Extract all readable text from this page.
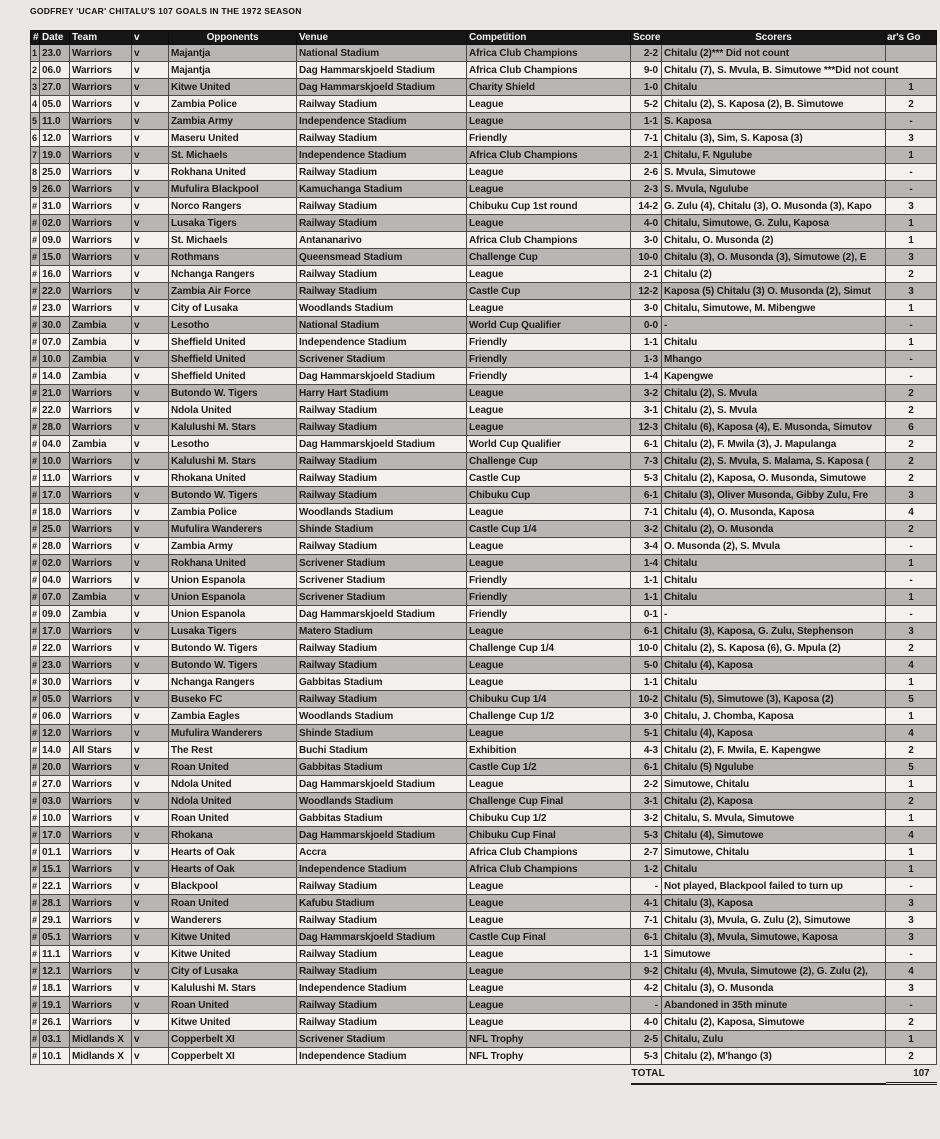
GODFREY 'UCAR' CHITALU'S 107 GOALS IN THE 1972 SEASON
#	Date	Team	v	Opponents	Venue	Competition	Score	Scorers	ar's Go
1	23.0	Warriors	v	Majantja	National Stadium	Africa Club Champions	2-2	Chitalu (2)*** Did not count	
2	06.0	Warriors	v	Majantja	Dag Hammarskjoeld Stadium	Africa Club Champions	9-0	Chitalu (7), S. Mvula, B. Simutowe ***Did not count	
3	27.0	Warriors	v	Kitwe United	Dag Hammarskjoeld Stadium	Charity Shield	1-0	Chitalu	1
4	05.0	Warriors	v	Zambia Police	Railway Stadium	League	5-2	Chitalu (2), S. Kaposa (2), B. Simutowe	2
5	11.0	Warriors	v	Zambia Army	Independence Stadium	League	1-1	S. Kaposa	-
6	12.0	Warriors	v	Maseru United	Railway Stadium	Friendly	7-1	Chitalu (3), Sim, S. Kaposa (3)	3
7	19.0	Warriors	v	St. Michaels	Independence Stadium	Africa Club Champions	2-1	Chitalu, F. Ngulube	1
8	25.0	Warriors	v	Rokhana United	Railway Stadium	League	2-6	S. Mvula, Simutowe	-
9	26.0	Warriors	v	Mufulira Blackpool	Kamuchanga Stadium	League	2-3	S. Mvula, Ngulube	-
#	31.0	Warriors	v	Norco Rangers	Railway Stadium	Chibuku Cup 1st round	14-2	G. Zulu (4), Chitalu (3), O. Musonda (3), Kapo	3
#	02.0	Warriors	v	Lusaka Tigers	Railway Stadium	League	4-0	Chitalu, Simutowe, G. Zulu, Kaposa	1
#	09.0	Warriors	v	St. Michaels	Antananarivo	Africa Club Champions	3-0	Chitalu, O. Musonda (2)	1
#	15.0	Warriors	v	Rothmans	Queensmead Stadium	Challenge Cup	10-0	Chitalu (3), O. Musonda (3), Simutowe (2), E	3
#	16.0	Warriors	v	Nchanga Rangers	Railway Stadium	League	2-1	Chitalu (2)	2
#	22.0	Warriors	v	Zambia Air Force	Railway Stadium	Castle Cup	12-2	Kaposa (5) Chitalu (3) O. Musonda (2), Simut	3
#	23.0	Warriors	v	City of Lusaka	Woodlands Stadium	League	3-0	Chitalu, Simutowe, M. Mibengwe	1
#	30.0	Zambia	v	Lesotho	National Stadium	World Cup Qualifier	0-0	-	-
#	07.0	Zambia	v	Sheffield United	Independence Stadium	Friendly	1-1	Chitalu	1
#	10.0	Zambia	v	Sheffield United	Scrivener Stadium	Friendly	1-3	Mhango	-
#	14.0	Zambia	v	Sheffield United	Dag Hammarskjoeld Stadium	Friendly	1-4	Kapengwe	-
#	21.0	Warriors	v	Butondo W. Tigers	Harry Hart Stadium	League	3-2	Chitalu (2), S. Mvula	2
#	22.0	Warriors	v	Ndola United	Railway Stadium	League	3-1	Chitalu (2), S. Mvula	2
#	28.0	Warriors	v	Kalulushi M. Stars	Railway Stadium	League	12-3	Chitalu (6), Kaposa (4), E. Musonda, Simutov	6
#	04.0	Zambia	v	Lesotho	Dag Hammarskjoeld Stadium	World Cup Qualifier	6-1	Chitalu (2), F. Mwila (3), J. Mapulanga	2
#	10.0	Warriors	v	Kalulushi M. Stars	Railway Stadium	Challenge Cup	7-3	Chitalu (2), S. Mvula, S. Malama, S. Kaposa (	2
#	11.0	Warriors	v	Rhokana United	Railway Stadium	Castle Cup	5-3	Chitalu (2), Kaposa, O. Musonda, Simutowe	2
#	17.0	Warriors	v	Butondo W. Tigers	Railway Stadium	Chibuku Cup	6-1	Chitalu (3), Oliver Musonda, Gibby Zulu, Fre	3
#	18.0	Warriors	v	Zambia Police	Woodlands Stadium	League	7-1	Chitalu (4), O. Musonda, Kaposa	4
#	25.0	Warriors	v	Mufulira Wanderers	Shinde Stadium	Castle Cup 1/4	3-2	Chitalu (2), O. Musonda	2
#	28.0	Warriors	v	Zambia Army	Railway Stadium	League	3-4	O. Musonda (2), S. Mvula	-
#	02.0	Warriors	v	Rokhana United	Scrivener Stadium	League	1-4	Chitalu	1
#	04.0	Warriors	v	Union Espanola	Scrivener Stadium	Friendly	1-1	Chitalu	-
#	07.0	Zambia	v	Union Espanola	Scrivener Stadium	Friendly	1-1	Chitalu	1
#	09.0	Zambia	v	Union Espanola	Dag Hammarskjoeld Stadium	Friendly	0-1	-	-
#	17.0	Warriors	v	Lusaka Tigers	Matero Stadium	League	6-1	Chitalu (3), Kaposa, G. Zulu, Stephenson	3
#	22.0	Warriors	v	Butondo W. Tigers	Railway Stadium	Challenge Cup 1/4	10-0	Chitalu (2), S. Kaposa (6), G. Mpula (2)	2
#	23.0	Warriors	v	Butondo W. Tigers	Railway Stadium	League	5-0	Chitalu (4), Kaposa	4
#	30.0	Warriors	v	Nchanga Rangers	Gabbitas Stadium	League	1-1	Chitalu	1
#	05.0	Warriors	v	Buseko FC	Railway Stadium	Chibuku Cup 1/4	10-2	Chitalu (5), Simutowe (3), Kaposa (2)	5
#	06.0	Warriors	v	Zambia Eagles	Woodlands Stadium	Challenge Cup 1/2	3-0	Chitalu, J. Chomba, Kaposa	1
#	12.0	Warriors	v	Mufulira Wanderers	Shinde Stadium	League	5-1	Chitalu (4), Kaposa	4
#	14.0	All Stars	v	The Rest	Buchi Stadium	Exhibition	4-3	Chitalu (2), F. Mwila, E. Kapengwe	2
#	20.0	Warriors	v	Roan United	Gabbitas Stadium	Castle Cup 1/2	6-1	Chitalu (5) Ngulube	5
#	27.0	Warriors	v	Ndola United	Dag Hammarskjoeld Stadium	League	2-2	Simutowe, Chitalu	1
#	03.0	Warriors	v	Ndola United	Woodlands Stadium	Challenge Cup Final	3-1	Chitalu (2), Kaposa	2
#	10.0	Warriors	v	Roan United	Gabbitas Stadium	Chibuku Cup 1/2	3-2	Chitalu, S. Mvula, Simutowe	1
#	17.0	Warriors	v	Rhokana	Dag Hammarskjoeld Stadium	Chibuku Cup Final	5-3	Chitalu (4), Simutowe	4
#	01.1	Warriors	v	Hearts of Oak	Accra	Africa Club Champions	2-7	Simutowe, Chitalu	1
#	15.1	Warriors	v	Hearts of Oak	Independence Stadium	Africa Club Champions	1-2	Chitalu	1
#	22.1	Warriors	v	Blackpool	Railway Stadium	League	-	Not played, Blackpool failed to turn up	-
#	28.1	Warriors	v	Roan United	Kafubu Stadium	League	4-1	Chitalu (3), Kaposa	3
#	29.1	Warriors	v	Wanderers	Railway Stadium	League	7-1	Chitalu (3), Mvula, G. Zulu (2), Simutowe	3
#	05.1	Warriors	v	Kitwe United	Dag Hammarskjoeld Stadium	Castle Cup Final	6-1	Chitalu (3), Mvula, Simutowe, Kaposa	3
#	11.1	Warriors	v	Kitwe United	Railway Stadium	League	1-1	Simutowe	-
#	12.1	Warriors	v	City of Lusaka	Railway Stadium	League	9-2	Chitalu (4), Mvula, Simutowe (2), G. Zulu (2),	4
#	18.1	Warriors	v	Kalulushi M. Stars	Independence Stadium	League	4-2	Chitalu (3), O. Musonda	3
#	19.1	Warriors	v	Roan United	Railway Stadium	League	-	Abandoned in 35th minute	-
#	26.1	Warriors	v	Kitwe United	Railway Stadium	League	4-0	Chitalu (2), Kaposa, Simutowe	2
#	03.1	Midlands X	v	Copperbelt XI	Scrivener Stadium	NFL Trophy	2-5	Chitalu, Zulu	1
#	10.1	Midlands X	v	Copperbelt XI	Independence Stadium	NFL Trophy	5-3	Chitalu (2), M'hango (3)	2
							TOTAL		107
